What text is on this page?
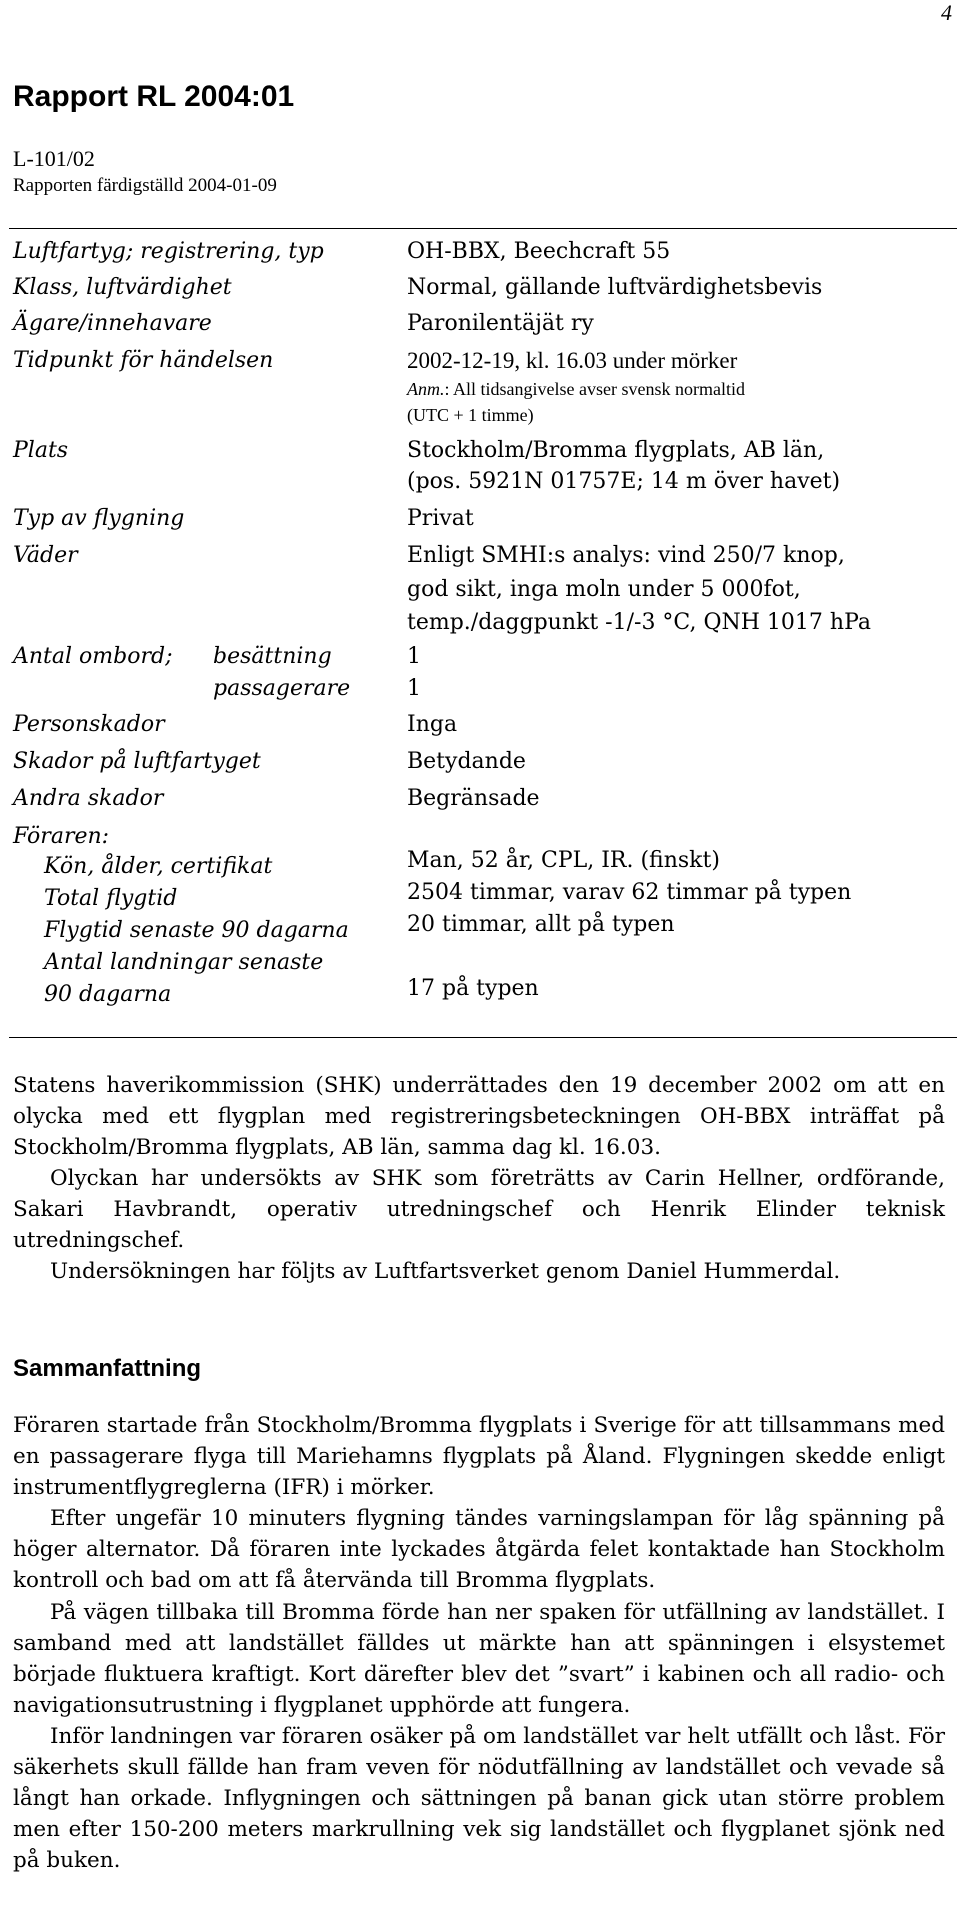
4
Rapport RL 2004:01
L-101/02
Rapporten färdigställd 2004-01-09
Luftfartyg; registrering, typ	OH-BBX, Beechcraft 55
Klass, luftvärdighet	Normal, gällande luftvärdighetsbevis
Ägare/innehavare	Paronilentäjät ry
Tidpunkt för händelsen	2002-12-19, kl. 16.03 under mörker
Anm.: All tidsangivelse avser svensk normaltid
(UTC + 1 timme)
Plats	Stockholm/Bromma flygplats, AB län,
(pos. 5921N 01757E; 14 m över havet)
Typ av flygning	Privat
Väder	Enligt SMHI:s analys: vind 250/7 knop,
god sikt, inga moln under 5 000fot,
temp./daggpunkt -1/-3 °C, QNH 1017 hPa
Antal ombord; besättning	1
passagerare	1
Personskador	Inga
Skador på luftfartyget	Betydande
Andra skador	Begränsade
Föraren:
Kön, ålder, certifikat	Man, 52 år, CPL, IR. (finskt)
Total flygtid	2504 timmar, varav 62 timmar på typen
Flygtid senaste 90 dagarna	20 timmar, allt på typen
Antal landningar senaste
90 dagarna	17 på typen

Statens haverikommission (SHK) underrättades den 19 december 2002 om att en olycka med ett flygplan med registreringsbeteckningen OH-BBX inträffat på Stockholm/Bromma flygplats, AB län, samma dag kl. 16.03.

Olyckan har undersökts av SHK som företrätts av Carin Hellner, ordförande, Sakari Havbrandt, operativ utredningschef och Henrik Elinder teknisk utredningschef.

Undersökningen har följts av Luftfartsverket genom Daniel Hummerdal.

Sammanfattning

Föraren startade från Stockholm/Bromma flygplats i Sverige för att tillsammans med en passagerare flyga till Mariehamns flygplats på Åland. Flygningen skedde enligt instrumentflygreglerna (IFR) i mörker.

Efter ungefär 10 minuters flygning tändes varningslampan för låg spänning på höger alternator. Då föraren inte lyckades åtgärda felet kontaktade han Stockholm kontroll och bad om att få återvända till Bromma flygplats.

På vägen tillbaka till Bromma förde han ner spaken för utfällning av landstället. I samband med att landstället fälldes ut märkte han att spänningen i elsystemet började fluktuera kraftigt. Kort därefter blev det ”svart” i kabinen och all radio- och navigationsutrustning i flygplanet upphörde att fungera.

Inför landningen var föraren osäker på om landstället var helt utfällt och låst. För säkerhets skull fällde han fram veven för nödutfällning av landstället och vevade så långt han orkade. Inflygningen och sättningen på banan gick utan större problem men efter 150-200 meters markrullning vek sig landstället och flygplanet sjönk ned på buken.
